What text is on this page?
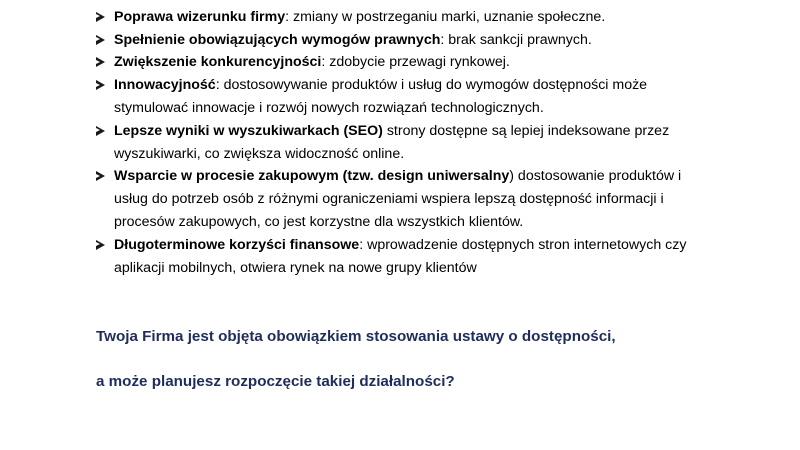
Poprawa wizerunku firmy: zmiany w postrzeganiu marki, uznanie społeczne.
Spełnienie obowiązujących wymogów prawnych: brak sankcji prawnych.
Zwiększenie konkurencyjności: zdobycie przewagi rynkowej.
Innowacyjność: dostosowywanie produktów i usług do wymogów dostępności może stymulować innowacje i rozwój nowych rozwiązań technologicznych.
Lepsze wyniki w wyszukiwarkach (SEO) strony dostępne są lepiej indeksowane przez wyszukiwarki, co zwiększa widoczność online.
Wsparcie w procesie zakupowym (tzw. design uniwersalny) dostosowanie produktów i usług do potrzeb osób z różnymi ograniczeniami wspiera lepszą dostępność informacji i procesów zakupowych, co jest korzystne dla wszystkich klientów.
Długoterminowe korzyści finansowe: wprowadzenie dostępnych stron internetowych czy aplikacji mobilnych, otwiera rynek na nowe grupy klientów

Twoja Firma jest objęta obowiązkiem stosowania ustawy o dostępności,

a może planujesz rozpoczęcie takiej działalności?
